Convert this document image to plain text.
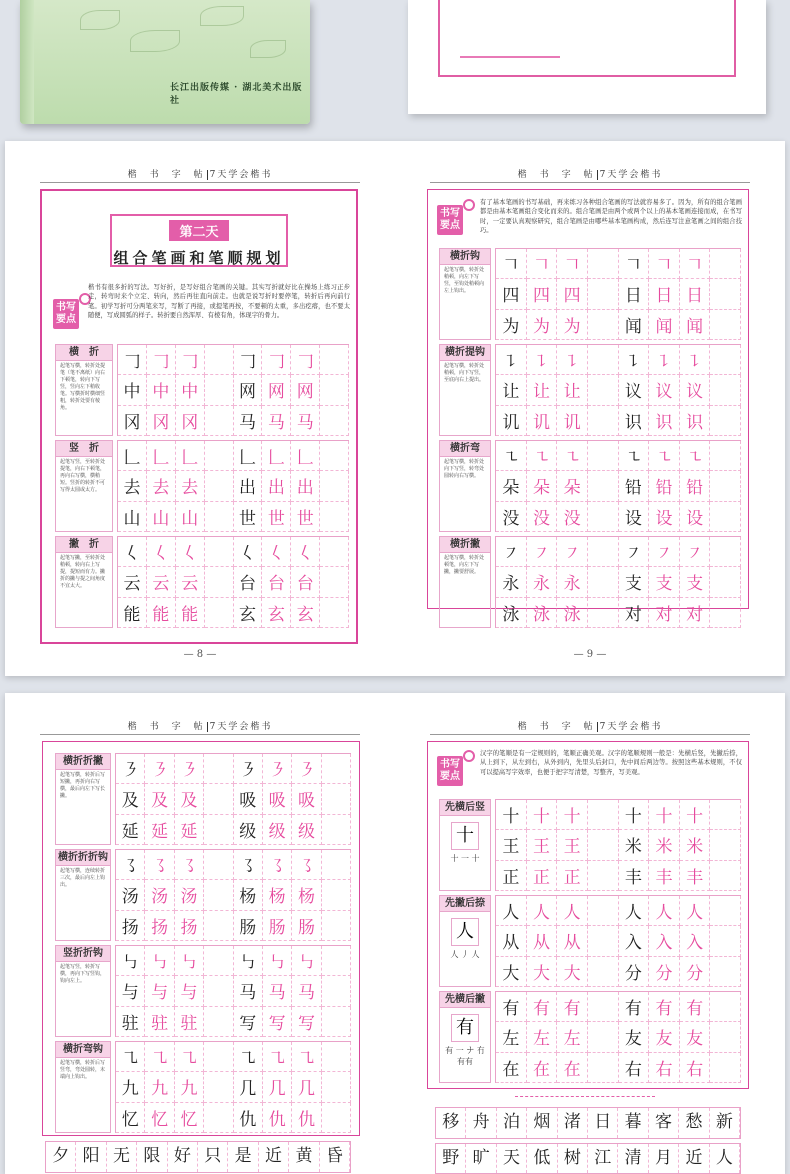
长江出版传媒 · 湖北美术出版社
楷　书　字　帖 7天学会楷书
第二天
组合笔画和笔顺规划
书写要点
楷书有很多折的写法。写好折，是写好组合笔画的关键。其实写折就好比在操场上练习正步走，转弯时来个立定、转向，然后再往直向前走。也就是说写折时要停笔，转折后再向前行笔。初学写折可分两笔来写，写断了再接，或提笔再按，不要顿的太重，多出疙瘩，也不要太随便，写成圆弧的样子。转折要自然浑厚、有棱有角，体现字的骨力。
横　折
起笔写横，转折处提笔（笔不离纸）向右下顿笔，转向下写竖，竖向左下稍收笔。写横折时横细竖粗，转折处要有棱角。
𠃌 𠃌 𠃌	𠃌 𠃌 𠃌
中 中 中	网 网 网
冈 冈 冈	马 马 马
竖　折
起笔写竖，至转折处提笔，向右下顿笔，再向右写横，横稍短。竖折的转折不可写得太圆或太方。
𠃊 𠃊 𠃊	𠃊 𠃊 𠃊
去 去 去	出 出 出
山 山 山	世 世 世
撇　折
起笔写撇，至转折处稍顿，转向右上写提，提短而有力。撇折的撇与提之间角度不宜太大。
𡿨 𡿨 𡿨	𡿨 𡿨 𡿨
云 云 云	台 台 台
能 能 能	玄 玄 玄
— 8 —
楷　书　字　帖 7天学会楷书
书写要点
有了基本笔画的书写基础，再来练习各种组合笔画的写法就容易多了。因为，所有的组合笔画都是由基本笔画组合变化而来的。组合笔画是由两个或两个以上的基本笔画连接而成，在书写时，一定要认真观察研究，组合笔画是由哪些基本笔画构成，然后连写注意笔画之间的组合技巧。
横折钩
起笔写横，转折处稍顿，向左下写竖，至钩处稍顿向左上钩出。
𠃍 𠃍 𠃍	𠃍 𠃍 𠃍
四 四 四	日 日 日
为 为 为	闻 闻 闻
横折提钩
起笔写横，转折处稍顿，向下写竖，至底向右上提出。
㇊ ㇊ ㇊	㇊ ㇊ ㇊
让 让 让	议 议 议
讥 讥 讥	识 识 识
横折弯
起笔写横，转折处向下写竖，转弯处圆转向右写横。
㇍ ㇍ ㇍	㇍ ㇍ ㇍
朵 朵 朵	铅 铅 铅
没 没 没	设 设 设
横折撇
起笔写横，转折处顿笔，向左下写撇，撇要舒展。
㇇ ㇇ ㇇	㇇ ㇇ ㇇
永 永 永	支 支 支
泳 泳 泳	对 对 对
— 9 —
楷　书　字　帖 7天学会楷书
横折折撇
起笔写横，转折后写短撇，再折向右写横，最后向左下写长撇。
㇋ ㇋ ㇋	㇋ ㇋ ㇋
及 及 及	吸 吸 吸
延 延 延	级 级 级
横折折折钩
起笔写横，连续转折三次，最后向左上钩出。
㇌ ㇌ ㇌	㇌ ㇌ ㇌
汤 汤 汤	杨 杨 杨
扬 扬 扬	肠 肠 肠
竖折折钩
起笔写竖，转折写横，再向下写竖钩，钩向左上。
㇉ ㇉ ㇉	㇉ ㇉ ㇉
与 与 与	马 马 马
驻 驻 驻	写 写 写
横折弯钩
起笔写横，转折后写竖弯，弯处圆转，末端向上钩出。
㇈ ㇈ ㇈	㇈ ㇈ ㇈
九 九 九	几 几 几
忆 忆 忆	仇 仇 仇
夕 阳 无 限 好 只 是 近 黄 昏
楷　书　字　帖 7天学会楷书
书写要点
汉字的笔顺是有一定规则的，笔顺正确美观。汉字的笔顺规则一般是：先横后竖，先撇后捺，从上到下，从左到右，从外到内，先里头后封口，先中间后两边等。按照这些基本规则，不仅可以提高写字效率，也便于把字写清楚，写整齐，写美观。
先横后竖
十
十 一 十
十 十 十	十 十 十
王 王 王	米 米 米
正 正 正	丰 丰 丰
先撇后捺
人
人 丿 人
人 人 人	人 人 人
从 从 从	入 入 入
大 大 大	分 分 分
先横后撇
有
有 一 ナ 冇 有有
有 有 有	有 有 有
左 左 左	友 友 友
在 在 在	右 右 右
移 舟 泊 烟 渚 日 暮 客 愁 新
野 旷 天 低 树 江 清 月 近 人
